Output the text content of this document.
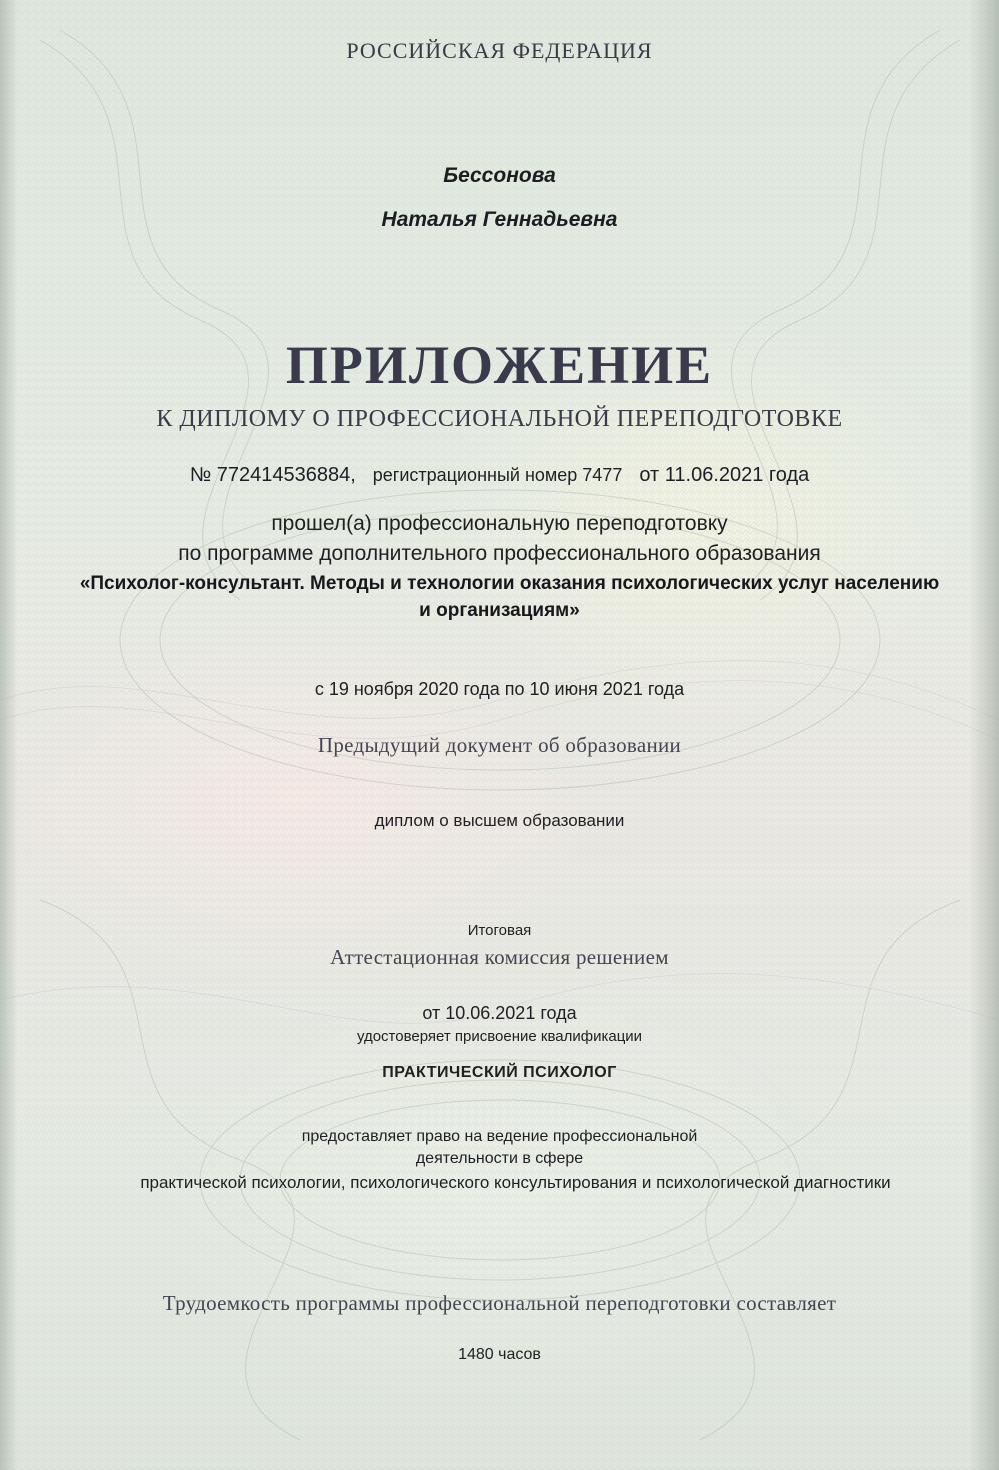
РОССИЙСКАЯ ФЕДЕРАЦИЯ
Бессонова
Наталья Геннадьевна
ПРИЛОЖЕНИЕ
К ДИПЛОМУ О ПРОФЕССИОНАЛЬНОЙ ПЕРЕПОДГОТОВКЕ
№ 772414536884, регистрационный номер 7477 от 11.06.2021 года
прошел(а) профессиональную переподготовку
по программе дополнительного профессионального образования
«Психолог-консультант. Методы и технологии оказания психологических услуг населению
и организациям»
с 19 ноября 2020 года по 10 июня 2021 года
Предыдущий документ об образовании
диплом о высшем образовании
Итоговая
Аттестационная комиссия решением
от 10.06.2021 года
удостоверяет присвоение квалификации
ПРАКТИЧЕСКИЙ ПСИХОЛОГ
предоставляет право на ведение профессиональной
деятельности в сфере
практической психологии, психологического консультирования и психологической диагностики
Трудоемкость программы профессиональной переподготовки составляет
1480 часов
